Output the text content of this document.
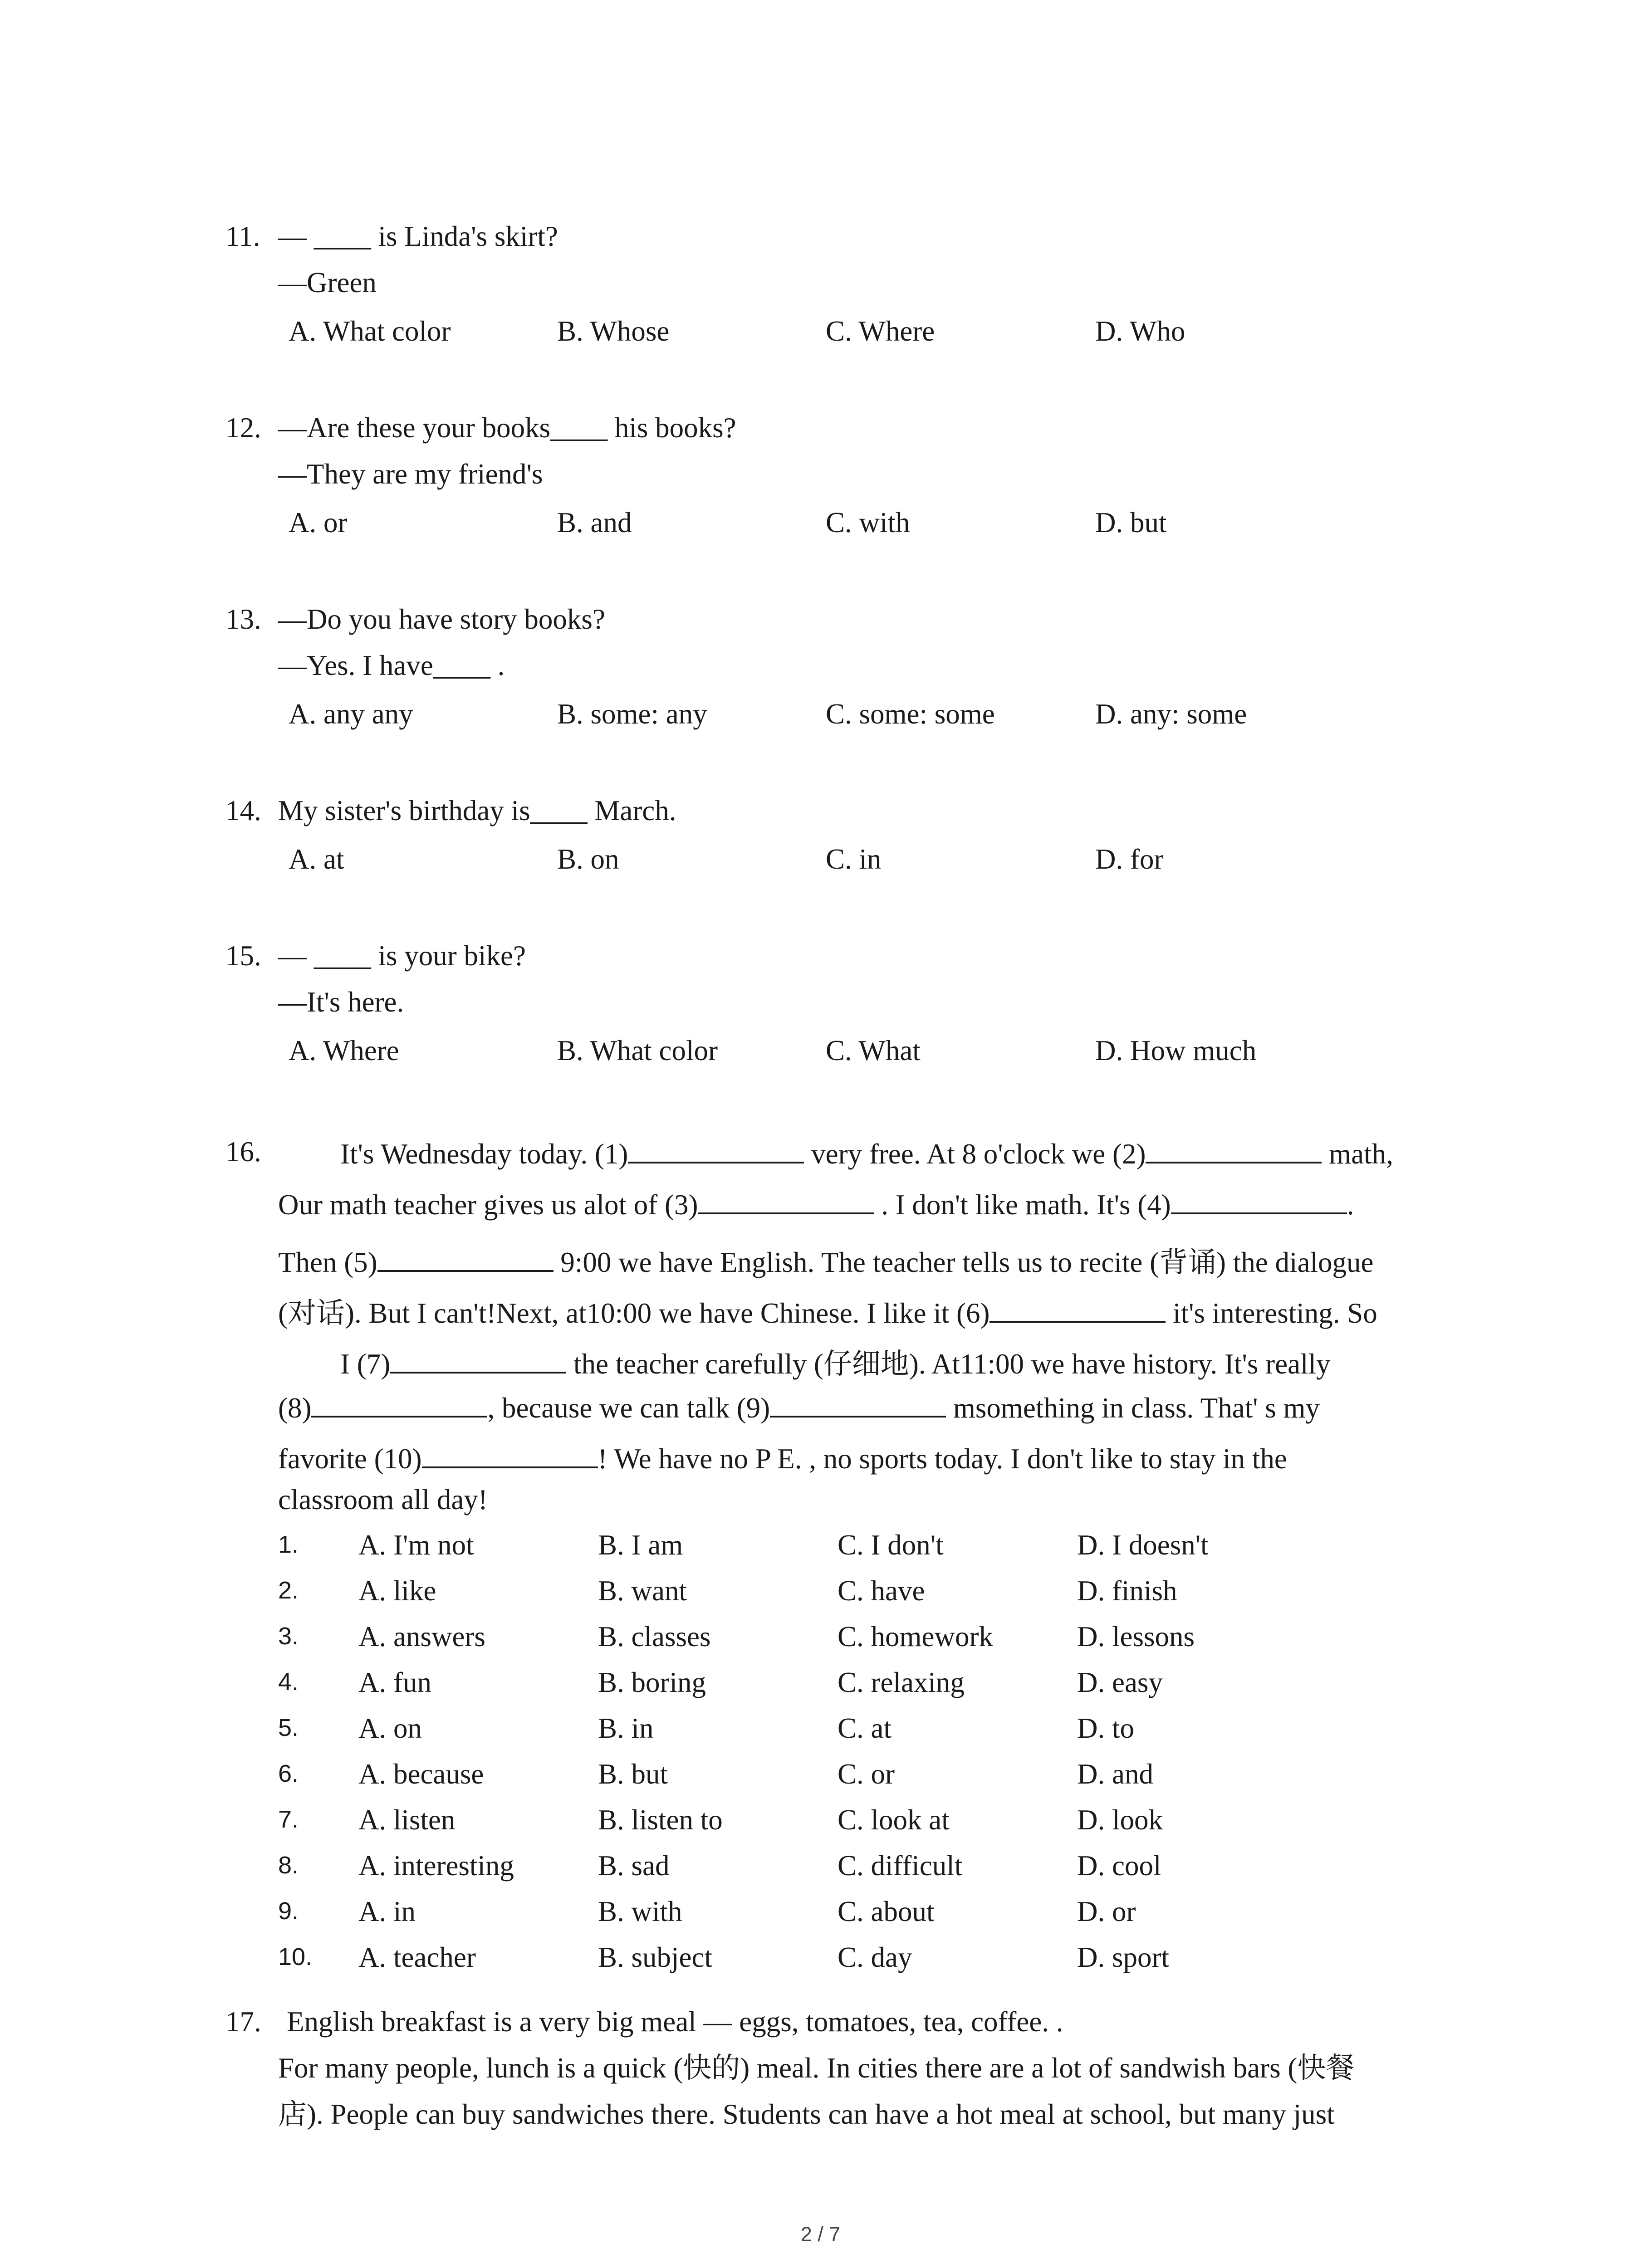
11. — ____ is Linda's skirt?
—Green
A. What color	B. Whose	C. Where	D. Who
12. —Are these your books____ his books?
—They are my friend's
A. or	B. and	C. with	D. but
13. —Do you have story books?
—Yes. I have____ .
A. any any	B. some: any	C. some: some	D. any: some
14. My sister's birthday is____ March.
A. at	B. on	C. in	D. for
15. — ____ is your bike?
—It's here.
A. Where	B. What color	C. What	D. How much
16.	It's Wednesday today. (1)	very free. At 8 o'clock we (2)	math,
Our math teacher gives us alot of (3)	. I don't like math. It's (4)	.
Then (5)	9:00 we have English. The teacher tells us to recite (背诵) the dialogue
(对话). But I can't!Next, at10:00 we have Chinese. I like it (6)	it's interesting. So
I (7)	the teacher carefully (仔细地). At11:00 we have history. It's really
(8)	, because we can talk (9)	msomething in class. That' s my
favorite (10)	! We have no P E. , no sports today. I don't like to stay in the
classroom all day!
1. A. I'm not	B. I am	C. I don't	D. I doesn't
2. A. like	B. want	C. have	D. finish
3. A. answers	B. classes	C. homework	D. lessons
4. A. fun	B. boring	C. relaxing	D. easy
5. A. on	B. in	C. at	D. to
6. A. because	B. but	C. or	D. and
7. A. listen	B. listen to	C. look at	D. look
8. A. interesting	B. sad	C. difficult	D. cool
9. A. in	B. with	C. about	D. or
10. A. teacher	B. subject	C. day	D. sport
17. English breakfast is a very big meal — eggs, tomatoes, tea, coffee. .
For many people, lunch is a quick (快的) meal. In cities there are a lot of sandwish bars (快餐
店). People can buy sandwiches there. Students can have a hot meal at school, but many just
2 / 7
